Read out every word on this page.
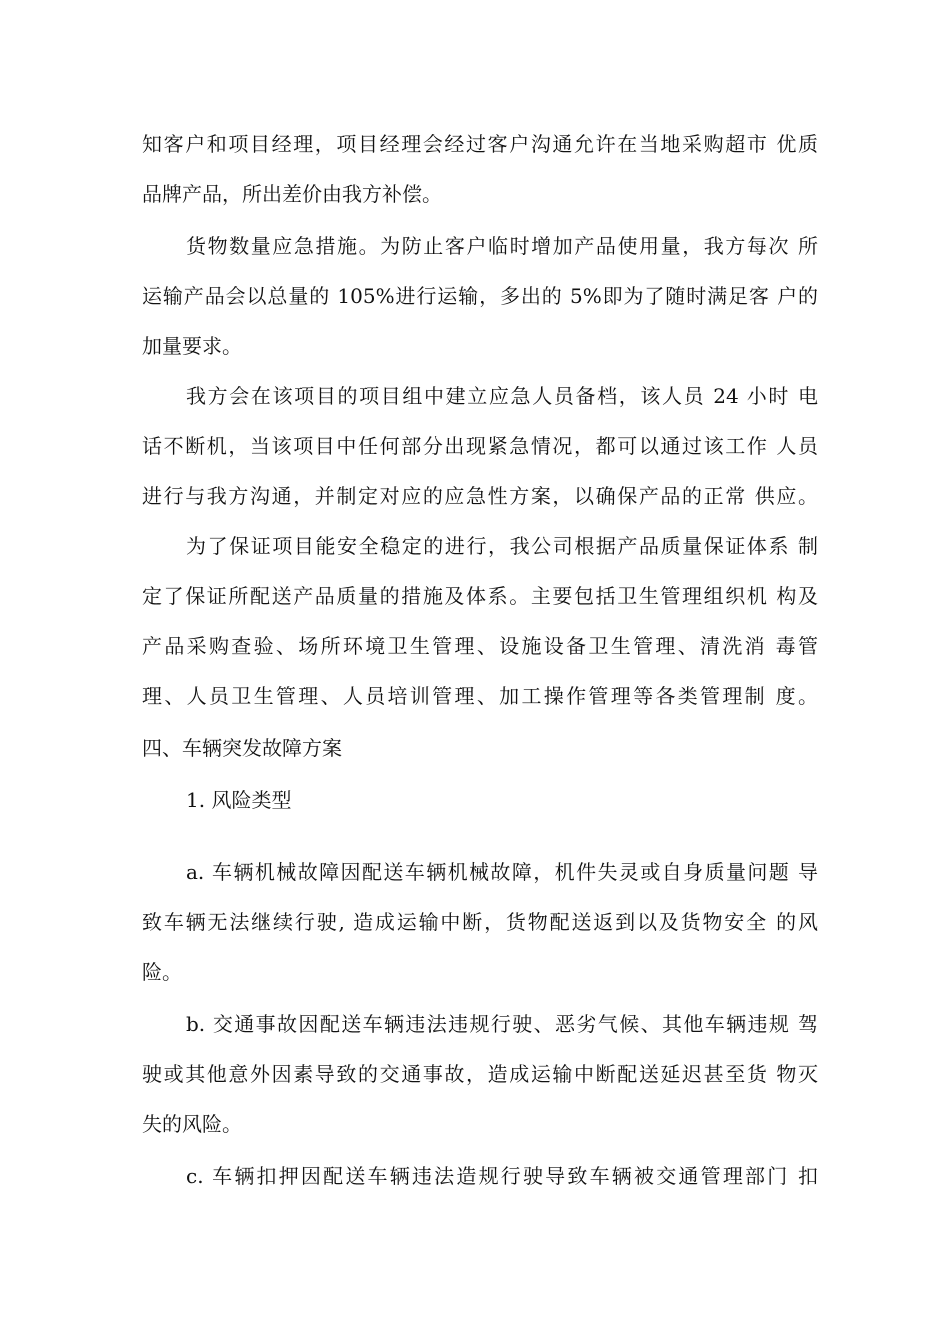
知客户和项目经理，项目经理会经过客户沟通允许在当地采购超市 优质
品牌产品，所出差价由我方补偿。
货物数量应急措施。为防止客户临时增加产品使用量，我方每次 所
运输产品会以总量的 105%进行运输，多出的 5%即为了随时满足客 户的
加量要求。
我方会在该项目的项目组中建立应急人员备档，该人员 24 小时 电
话不断机，当该项目中任何部分出现紧急情况，都可以通过该工作 人员
进行与我方沟通，并制定对应的应急性方案，以确保产品的正常 供应。
为了保证项目能安全稳定的进行，我公司根据产品质量保证体系 制
定了保证所配送产品质量的措施及体系。主要包括卫生管理组织机 构及
产品采购查验、场所环境卫生管理、设施设备卫生管理、清洗消 毒管
理、人员卫生管理、人员培训管理、加工操作管理等各类管理制 度。
四、车辆突发故障方案
1. 风险类型
a. 车辆机械故障因配送车辆机械故障，机件失灵或自身质量问题 导
致车辆无法继续行驶, 造成运输中断，货物配送返到以及货物安全 的风
险。
b. 交通事故因配送车辆违法违规行驶、恶劣气候、其他车辆违规 驾
驶或其他意外因素导致的交通事故，造成运输中断配送延迟甚至货 物灭
失的风险。
c. 车辆扣押因配送车辆违法造规行驶导致车辆被交通管理部门 扣
